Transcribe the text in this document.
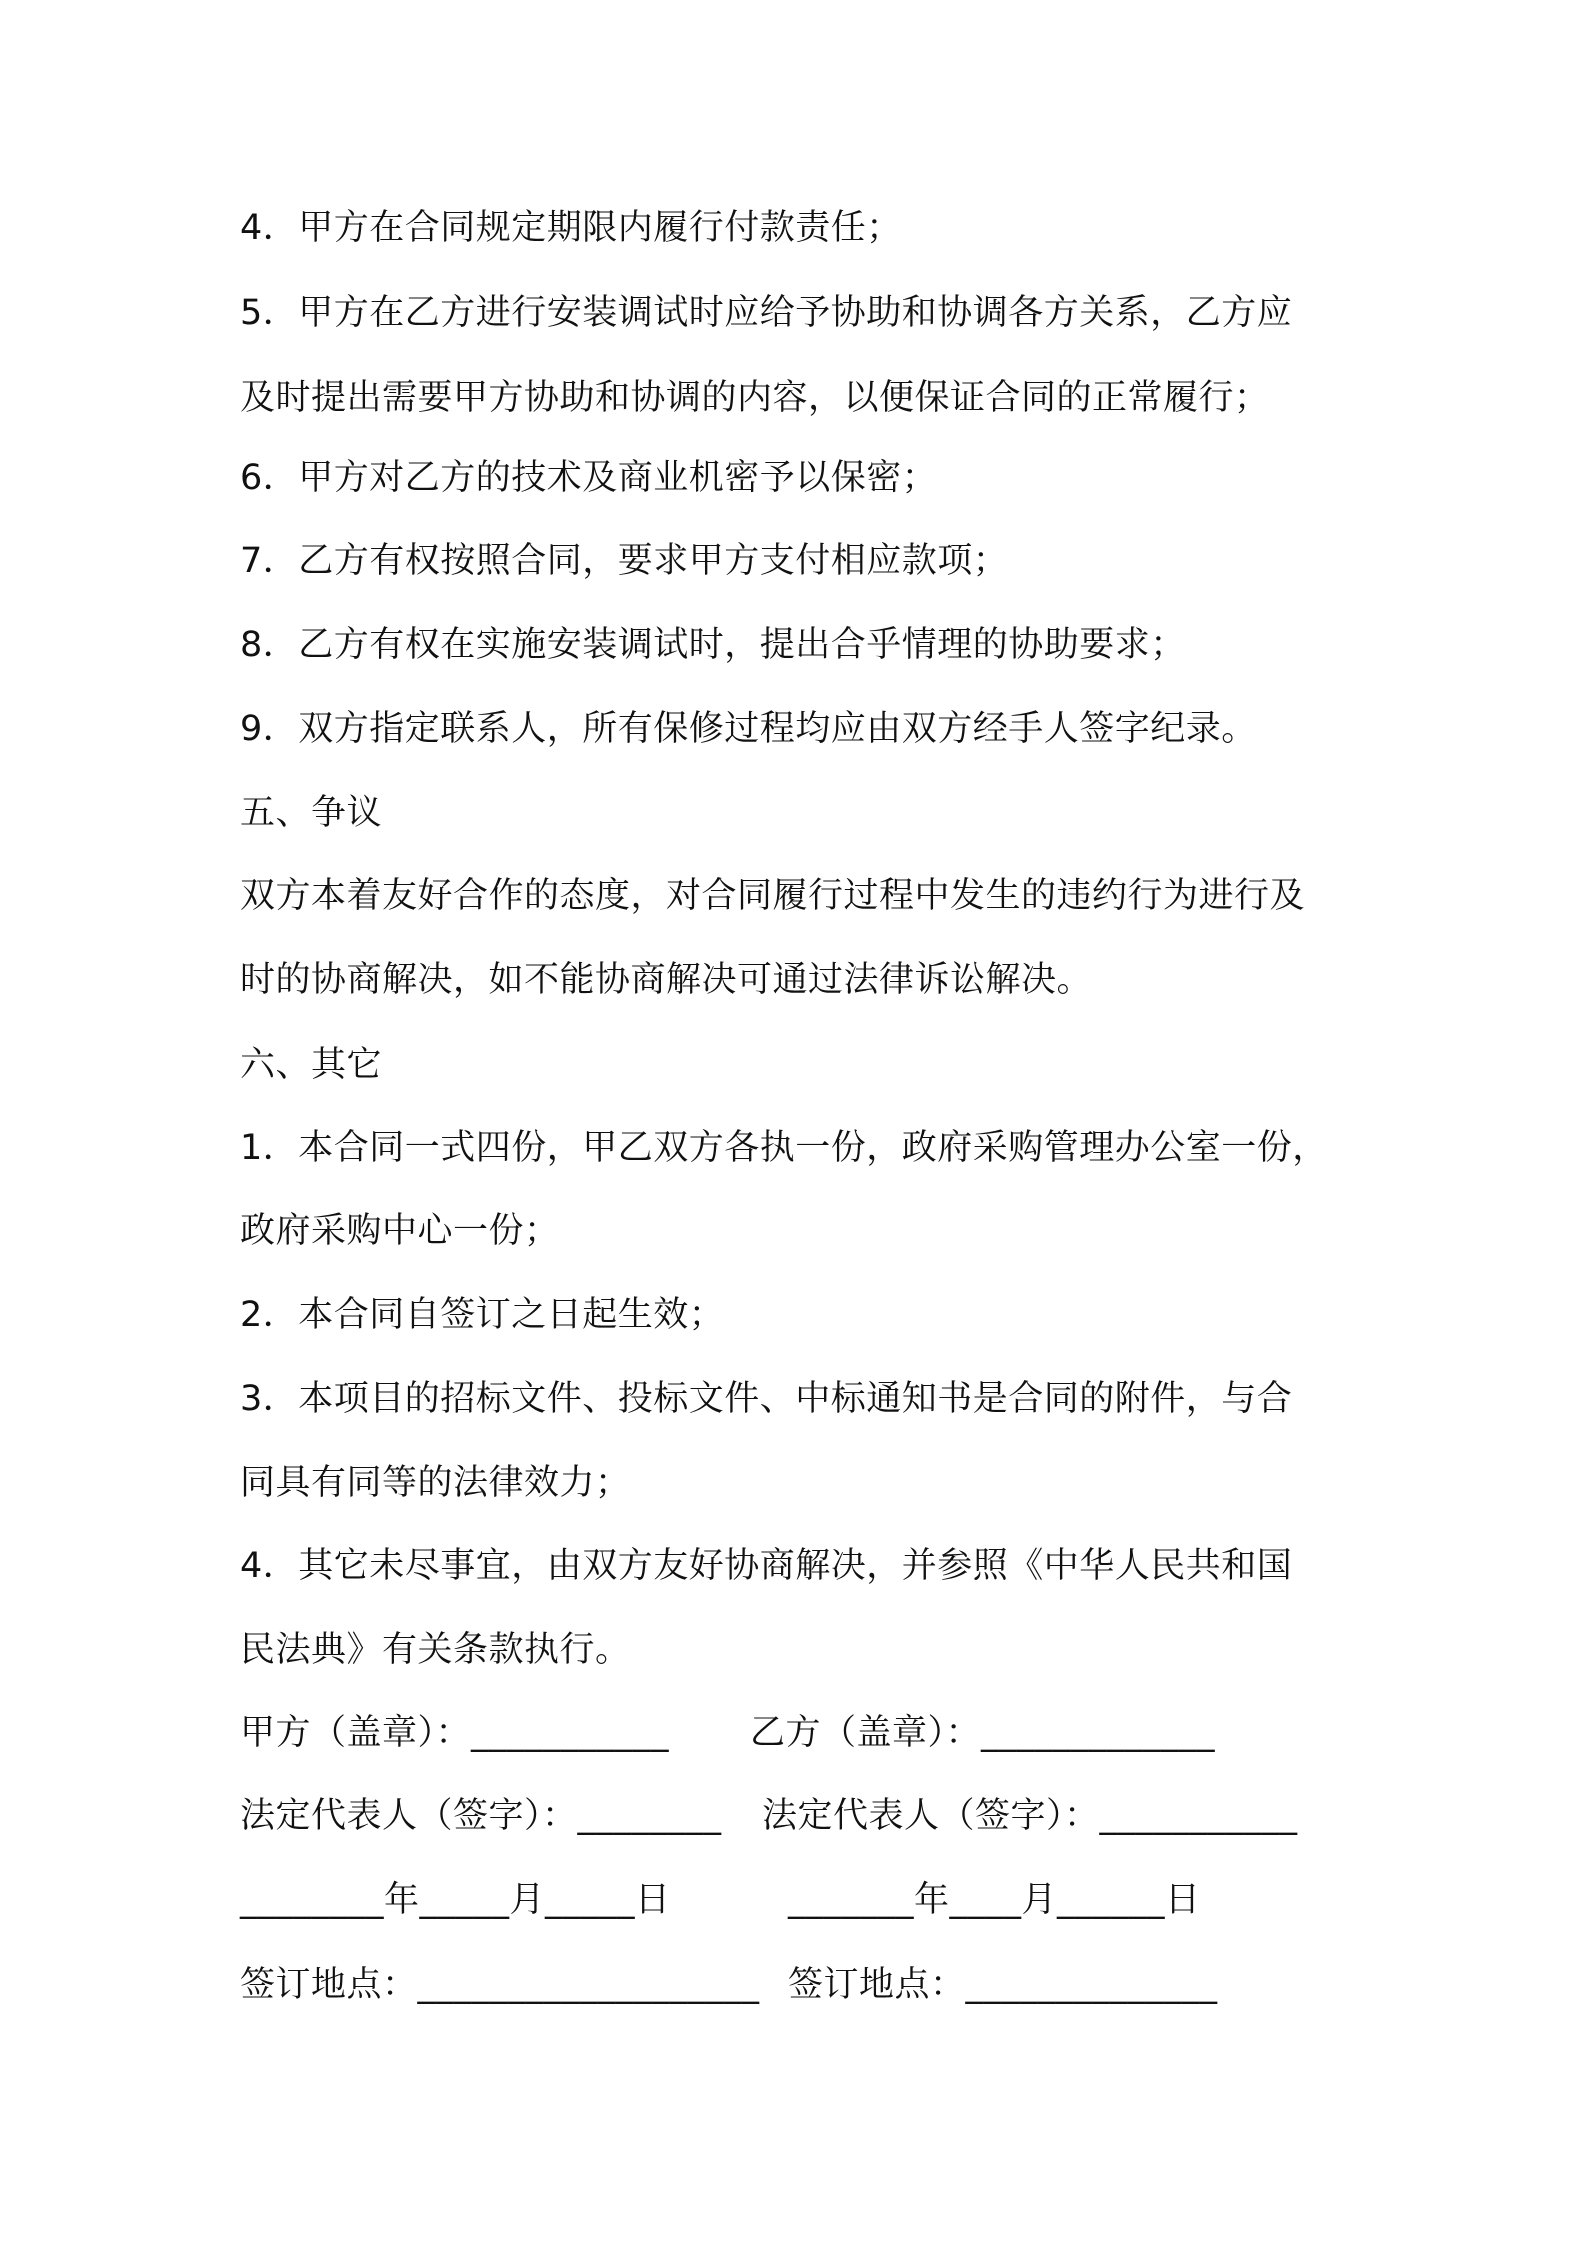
4．甲方在合同规定期限内履行付款责任；
5．甲方在乙方进行安装调试时应给予协助和协调各方关系，乙方应
及时提出需要甲方协助和协调的内容，以便保证合同的正常履行；
6．甲方对乙方的技术及商业机密予以保密；
7．乙方有权按照合同，要求甲方支付相应款项；
8．乙方有权在实施安装调试时，提出合乎情理的协助要求；
9．双方指定联系人，所有保修过程均应由双方经手人签字纪录。
五、争议
双方本着友好合作的态度，对合同履行过程中发生的违约行为进行及
时的协商解决，如不能协商解决可通过法律诉讼解决。
六、其它
1．本合同一式四份，甲乙双方各执一份，政府采购管理办公室一份，
政府采购中心一份；
2．本合同自签订之日起生效；
3．本项目的招标文件、投标文件、中标通知书是合同的附件，与合
同具有同等的法律效力；
4．其它未尽事宜，由双方友好协商解决，并参照《中华人民共和国
民法典》有关条款执行。
甲方（盖章）：___________ 乙方（盖章）：_____________
法定代表人（签字）：________ 法定代表人（签字）：___________
________年_____月_____日	_______年____月______日
签订地点：___________________ 签订地点：______________
